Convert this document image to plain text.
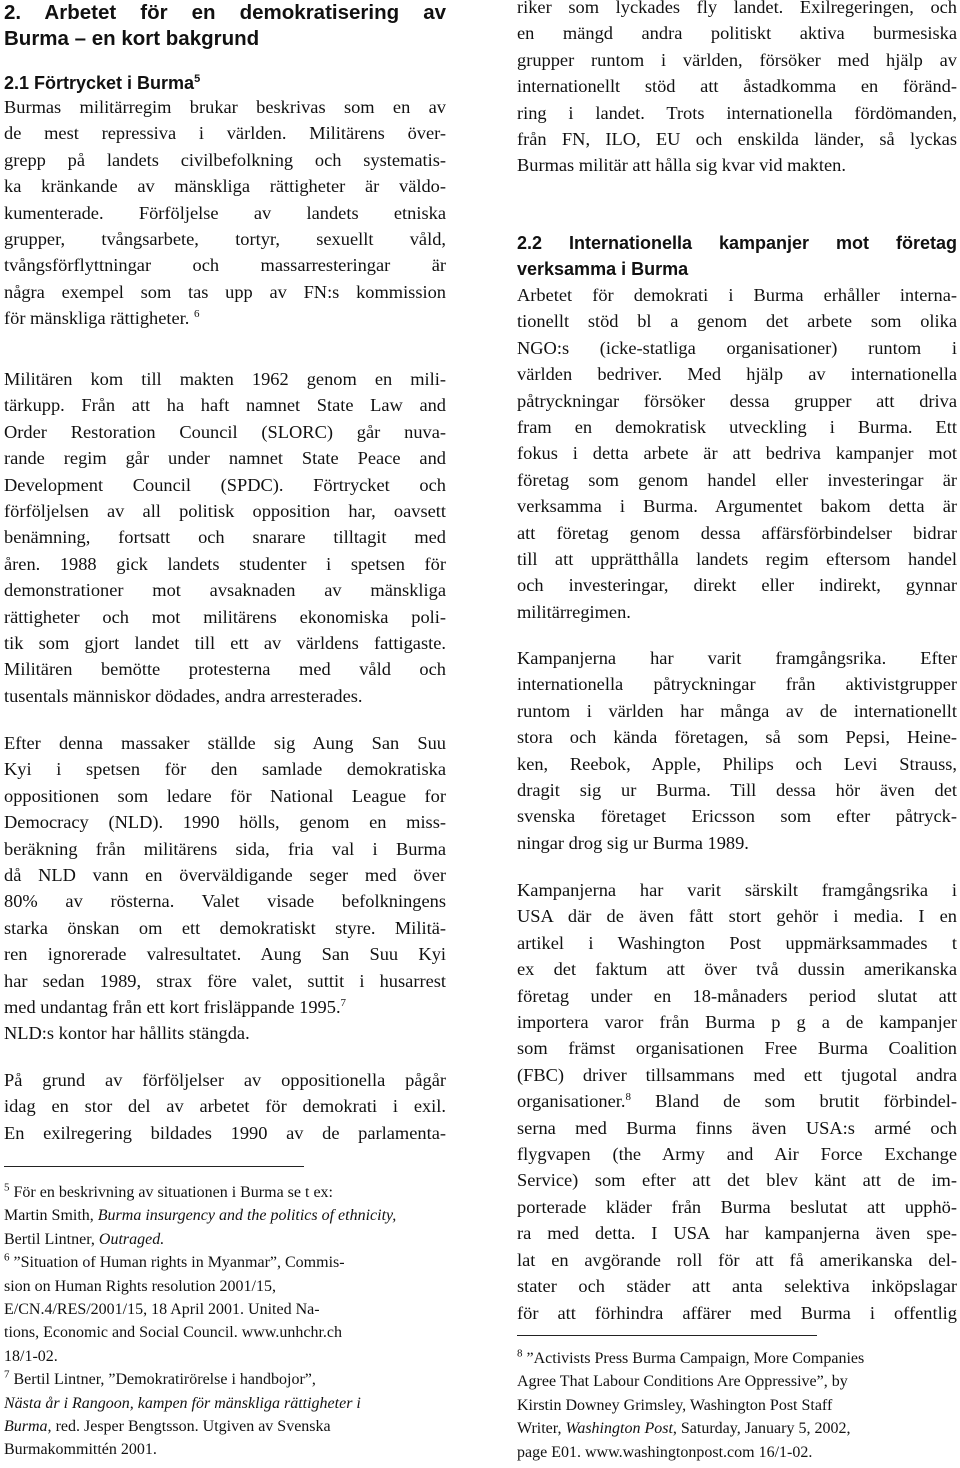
2. Arbetet för en demokratisering av
Burma – en kort bakgrund
2.1 Förtrycket i Burma$^5$

Burmas militärregim brukar beskrivas som en av
de mest repressiva i världen. Militärens över-
grepp på landets civilbefolkning och systematis-
ka kränkande av mänskliga rättigheter är väldo-
kumenterade. Förföljelse av landets etniska
grupper, tvångsarbete, tortyr, sexuellt våld,
tvångsförflyttningar och massarresteringar är
några exempel som tas upp av FN:s kommission
för mänskliga rättigheter. $^6$

Militären kom till makten 1962 genom en mili-
tärkupp. Från att ha haft namnet State Law and
Order Restoration Council (SLORC) går nuva-
rande regim går under namnet State Peace and
Development Council (SPDC). Förtrycket och
förföljelsen av all politisk opposition har, oavsett
benämning, fortsatt och snarare tilltagit med
åren. 1988 gick landets studenter i spetsen för
demonstrationer mot avsaknaden av mänskliga
rättigheter och mot militärens ekonomiska poli-
tik som gjort landet till ett av världens fattigaste.
Militären bemötte protesterna med våld och
tusentals människor dödades, andra arresterades.

Efter denna massaker ställde sig Aung San Suu
Kyi i spetsen för den samlade demokratiska
oppositionen som ledare för National League for
Democracy (NLD). 1990 hölls, genom en miss-
beräkning från militärens sida, fria val i Burma
då NLD vann en överväldigande seger med över
80% av rösterna. Valet visade befolkningens
starka önskan om ett demokratiskt styre. Militä-
ren ignorerade valresultatet. Aung San Suu Kyi
har sedan 1989, strax före valet, suttit i husarrest
med undantag från ett kort frisläppande 1995.$^7$
NLD:s kontor har hållits stängda.

På grund av förföljelser av oppositionella pågår
idag en stor del av arbetet för demokrati i exil.
En exilregering bildades 1990 av de parlamenta-

$^5$ För en beskrivning av situationen i Burma se t ex:
Martin Smith, Burma insurgency and the politics of ethnicity,
Bertil Lintner, Outraged.
$^6$ ”Situation of Human rights in Myanmar”, Commis-
sion on Human Rights resolution 2001/15,
E/CN.4/RES/2001/15, 18 April 2001. United Na-
tions, Economic and Social Council. www.unhchr.ch
18/1-02.
$^7$ Bertil Lintner, ”Demokratirörelse i handbojor”,
Nästa år i Rangoon, kampen för mänskliga rättigheter i
Burma, red. Jesper Bengtsson. Utgiven av Svenska
Burmakommittén 2001.

riker som lyckades fly landet. Exilregeringen, och
en mängd andra politiskt aktiva burmesiska
grupper runtom i världen, försöker med hjälp av
internationellt stöd att åstadkomma en föränd-
ring i landet. Trots internationella fördömanden,
från FN, ILO, EU och enskilda länder, så lyckas
Burmas militär att hålla sig kvar vid makten.

2.2 Internationella kampanjer mot företag
verksamma i Burma

Arbetet för demokrati i Burma erhåller interna-
tionellt stöd bl a genom det arbete som olika
NGO:s (icke-statliga organisationer) runtom i
världen bedriver. Med hjälp av internationella
påtryckningar försöker dessa grupper att driva
fram en demokratisk utveckling i Burma. Ett
fokus i detta arbete är att bedriva kampanjer mot
företag som genom handel eller investeringar är
verksamma i Burma. Argumentet bakom detta är
att företag genom dessa affärsförbindelser bidrar
till att upprätthålla landets regim eftersom handel
och investeringar, direkt eller indirekt, gynnar
militärregimen.

Kampanjerna har varit framgångsrika. Efter
internationella påtryckningar från aktivistgrupper
runtom i världen har många av de internationellt
stora och kända företagen, så som Pepsi, Heine-
ken, Reebok, Apple, Philips och Levi Strauss,
dragit sig ur Burma. Till dessa hör även det
svenska företaget Ericsson som efter påtryck-
ningar drog sig ur Burma 1989.

Kampanjerna har varit särskilt framgångsrika i
USA där de även fått stort gehör i media. I en
artikel i Washington Post uppmärksammades t
ex det faktum att över två dussin amerikanska
företag under en 18-månaders period slutat att
importera varor från Burma p g a de kampanjer
som främst organisationen Free Burma Coalition
(FBC) driver tillsammans med ett tjugotal andra
organisationer.$^8$ Bland de som brutit förbindel-
serna med Burma finns även USA:s armé och
flygvapen (the Army and Air Force Exchange
Service) som efter att det blev känt att de im-
porterade kläder från Burma beslutat att upphö-
ra med detta. I USA har kampanjerna även spe-
lat en avgörande roll för att få amerikanska del-
stater och städer att anta selektiva inköpslagar
för att förhindra affärer med Burma i offentlig

$^8$ ”Activists Press Burma Campaign, More Companies
Agree That Labour Conditions Are Oppressive”, by
Kirstin Downey Grimsley, Washington Post Staff
Writer, Washington Post, Saturday, January 5, 2002,
page E01. www.washingtonpost.com 16/1-02.
